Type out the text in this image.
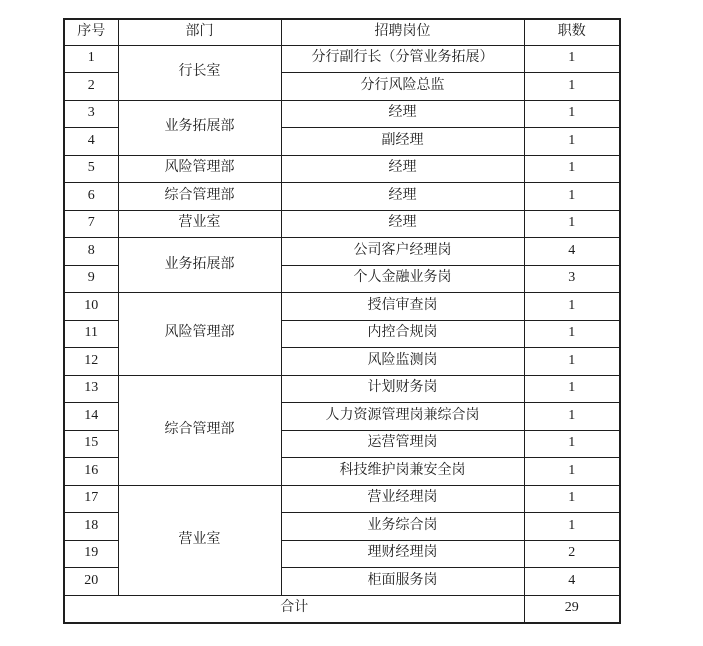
序号	部门	招聘岗位	职数
1	行长室	分行副行长（分管业务拓展）	1
2		分行风险总监	1
3	业务拓展部	经理	1
4		副经理	1
5	风险管理部	经理	1
6	综合管理部	经理	1
7	营业室	经理	1
8	业务拓展部	公司客户经理岗	4
9		个人金融业务岗	3
10	风险管理部	授信审查岗	1
11		内控合规岗	1
12		风险监测岗	1
13	综合管理部	计划财务岗	1
14		人力资源管理岗兼综合岗	1
15		运营管理岗	1
16		科技维护岗兼安全岗	1
17	营业室	营业经理岗	1
18		业务综合岗	1
19		理财经理岗	2
20		柜面服务岗	4
合计			29
